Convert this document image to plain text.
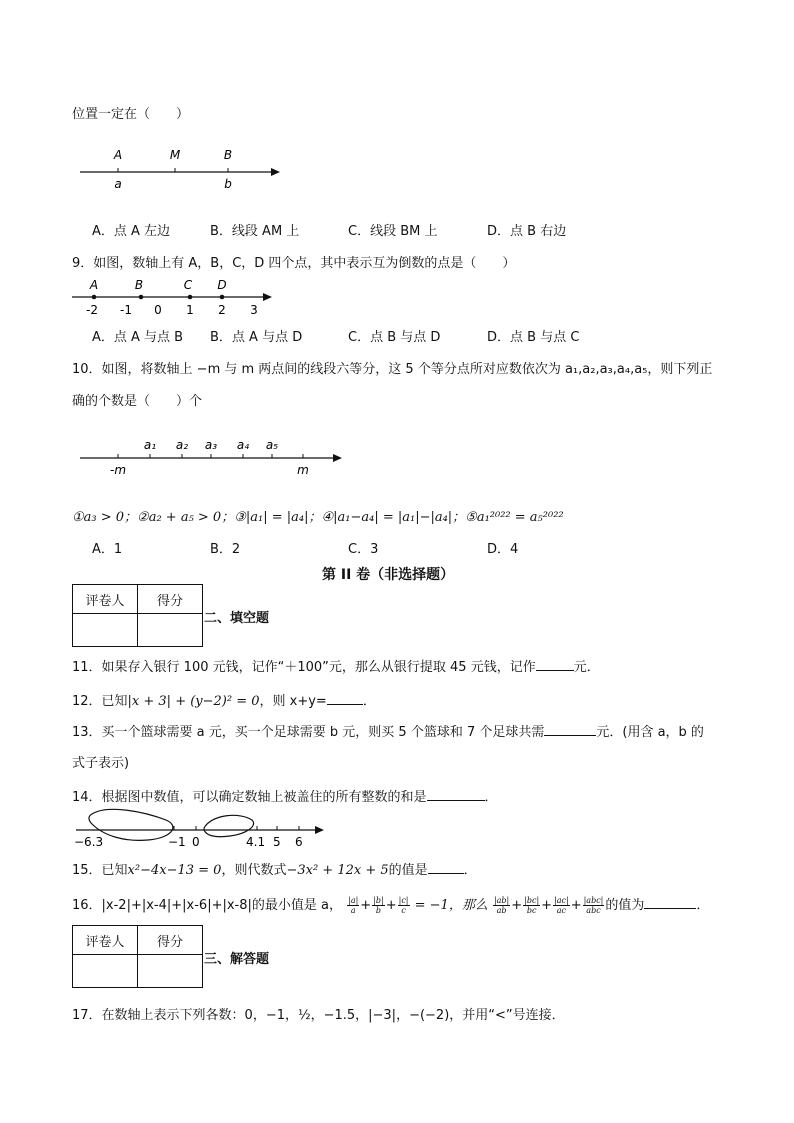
位置一定在（　　）
A	M	B
a	b
A．点 A 左边	B．线段 AM 上	C．线段 BM 上	D．点 B 右边
9．如图，数轴上有 A，B，C，D 四个点，其中表示互为倒数的点是（　　）
-2 -1 0 1 2 3
A	B	C D
A．点 A 与点 B B．点 A 与点 D	C．点 B 与点 D	D．点 B 与点 C
10．如图，将数轴上 −m 与 m 两点间的线段六等分，这 5 个等分点所对应数依次为 a₁,a₂,a₃,a₄,a₅，则下列正
确的个数是（　　）个
a₁ a₂ a₃ a₄ a₅
-m	m
①a₃ > 0；②a₂ + a₅ > 0；③|a₁| = |a₄|；④|a₁−a₄| = |a₁|−|a₄|；⑤a₁²⁰²² = a₅²⁰²²
A．1	B．2	C．3	D．4
第 II 卷（非选择题）
评卷人	得分

二、填空题
11．如果存入银行 100 元钱，记作“＋100”元，那么从银行提取 45 元钱，记作	元．
12．已知|x + 3| + (y−2)² = 0，则 x+y=	．
13．买一个篮球需要 a 元，买一个足球需要 b 元，则买 5 个篮球和 7 个足球共需	元．(用含 a，b 的
式子表示)
14．根据图中数值，可以确定数轴上被盖住的所有整数的和是	．
−6.3	−1 0	4.1 5 6
15．已知x²−4x−13 = 0，则代数式−3x² + 12x + 5的值是	．
16．|x-2|+|x-4|+|x-6|+|x-8|的最小值是 a， $\frac{|a|}{a} + \frac{|b|}{b} + \frac{|c|}{c} = -1$，那么 $\frac{|ab|}{ab} + \frac{|bc|}{bc} + \frac{|ac|}{ac} + \frac{\text{|abc|}}{\text{abc}}$ 的值为	．
评卷人	得分

三、解答题
17．在数轴上表示下列各数：0，−1，½，−1.5，|−3|，−(−2)，并用“<”号连接．
